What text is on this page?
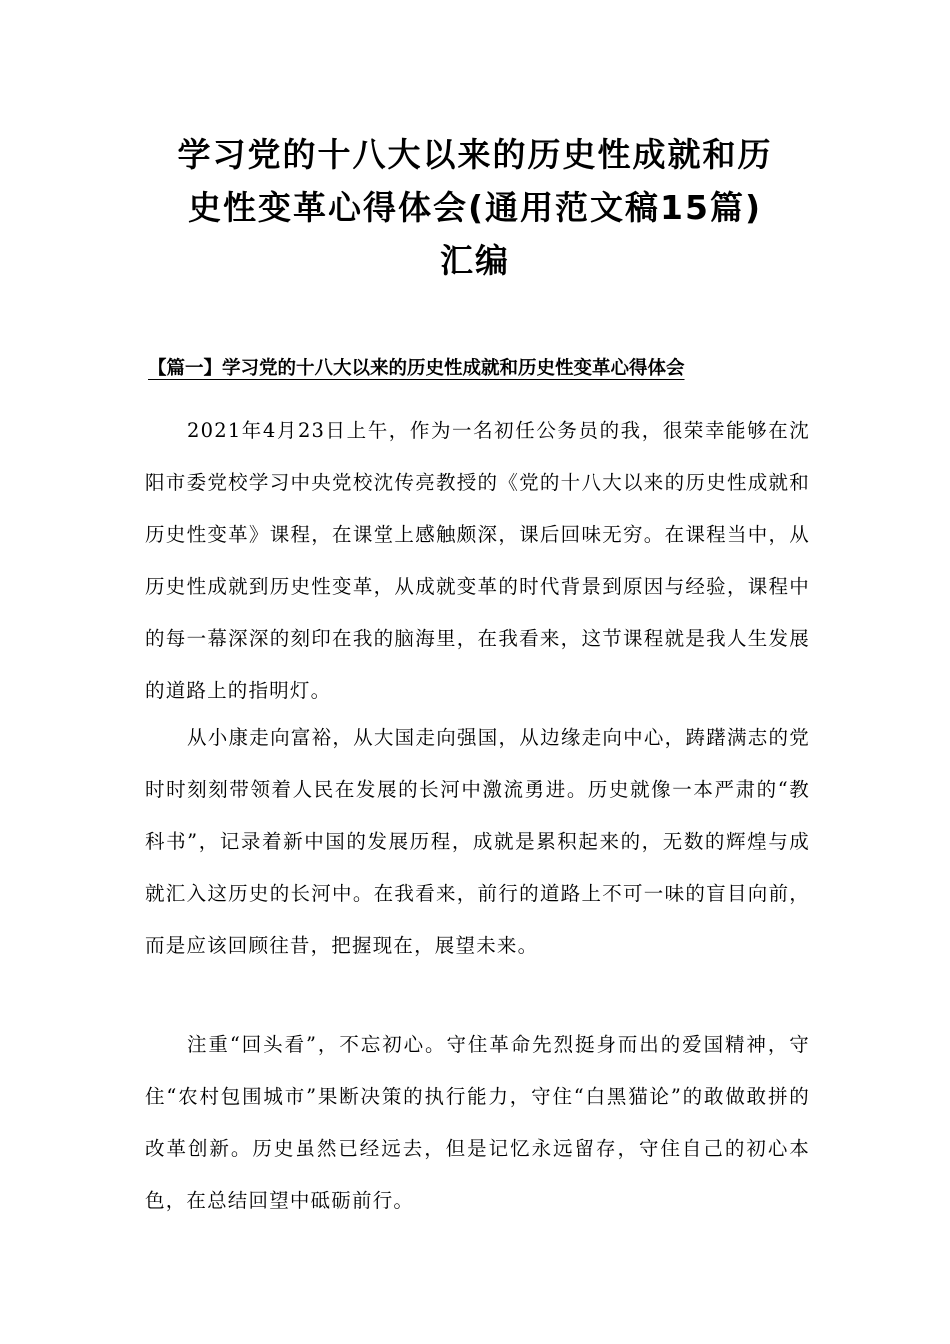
学习党的十八大以来的历史性成就和历
史性变革心得体会(通用范文稿15篇)
汇编
【篇一】学习党的十八大以来的历史性成就和历史性变革心得体会

2021年4月23日上午，作为一名初任公务员的我，很荣幸能够在沈阳市委党校学习中央党校沈传亮教授的《党的十八大以来的历史性成就和历史性变革》课程，在课堂上感触颇深，课后回味无穷。在课程当中，从历史性成就到历史性变革，从成就变革的时代背景到原因与经验，课程中的每一幕深深的刻印在我的脑海里，在我看来，这节课程就是我人生发展的道路上的指明灯。

从小康走向富裕，从大国走向强国，从边缘走向中心，踌躇满志的党时时刻刻带领着人民在发展的长河中激流勇进。历史就像一本严肃的“教科书”，记录着新中国的发展历程，成就是累积起来的，无数的辉煌与成就汇入这历史的长河中。在我看来，前行的道路上不可一味的盲目向前，而是应该回顾往昔，把握现在，展望未来。

注重“回头看”，不忘初心。守住革命先烈挺身而出的爱国精神，守住“农村包围城市”果断决策的执行能力，守住“白黑猫论”的敢做敢拼的改革创新。历史虽然已经远去，但是记忆永远留存，守住自己的初心本色，在总结回望中砥砺前行。
